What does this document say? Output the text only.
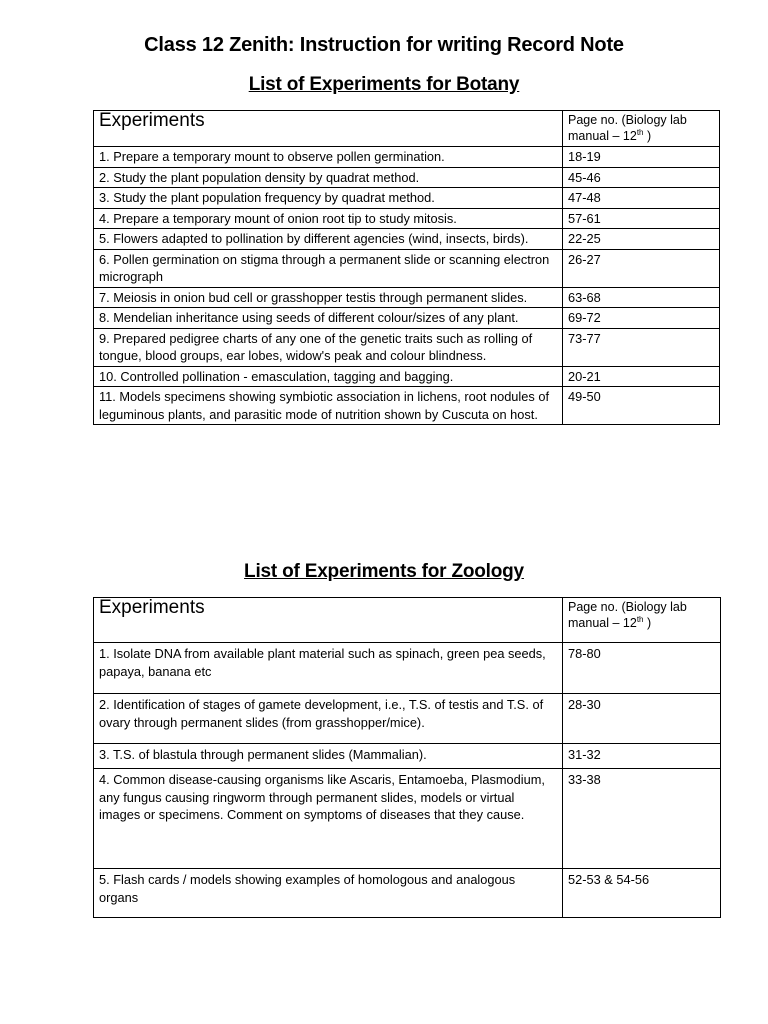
Class 12 Zenith: Instruction for writing Record Note
List of Experiments for Botany
Experiments	Page no. (Biology lab manual – 12th )
1. Prepare a temporary mount to observe pollen germination.	18-19
2. Study the plant population density by quadrat method.	45-46
3. Study the plant population frequency by quadrat method.	47-48
4. Prepare a temporary mount of onion root tip to study mitosis.	57-61
5. Flowers adapted to pollination by different agencies (wind, insects, birds).	22-25
6. Pollen germination on stigma through a permanent slide or scanning electron micrograph	26-27
7. Meiosis in onion bud cell or grasshopper testis through permanent slides.	63-68
8. Mendelian inheritance using seeds of different colour/sizes of any plant.	69-72
9. Prepared pedigree charts of any one of the genetic traits such as rolling of tongue, blood groups, ear lobes, widow's peak and colour blindness.	73-77
10. Controlled pollination - emasculation, tagging and bagging.	20-21
11. Models specimens showing symbiotic association in lichens, root nodules of leguminous plants, and parasitic mode of nutrition shown by Cuscuta on host.	49-50
List of Experiments for Zoology
Experiments	Page no. (Biology lab manual – 12th )
1. Isolate DNA from available plant material such as spinach, green pea seeds, papaya, banana etc	78-80
2. Identification of stages of gamete development, i.e., T.S. of testis and T.S. of ovary through permanent slides (from grasshopper/mice).	28-30
3. T.S. of blastula through permanent slides (Mammalian).	31-32
4. Common disease-causing organisms like Ascaris, Entamoeba, Plasmodium, any fungus causing ringworm through permanent slides, models or virtual images or specimens. Comment on symptoms of diseases that they cause.	33-38
5. Flash cards / models showing examples of homologous and analogous organs	52-53 & 54-56
